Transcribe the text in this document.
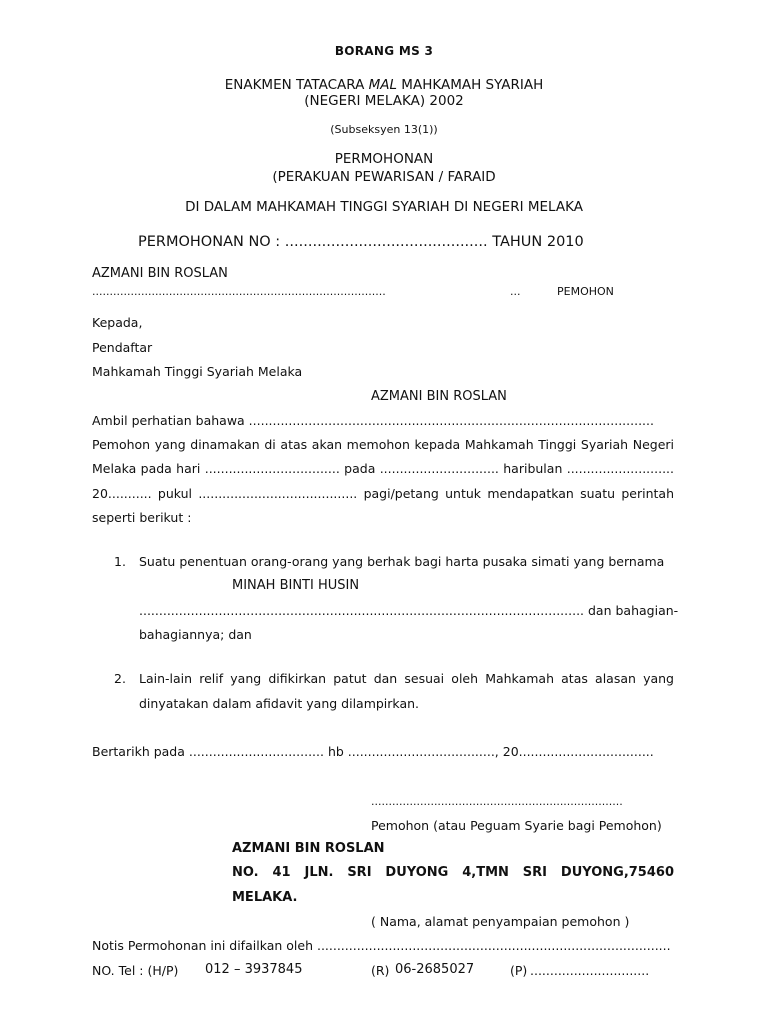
BORANG MS 3
ENAKMEN TATACARA MAL MAHKAMAH SYARIAH
(NEGERI MELAKA) 2002
(Subseksyen 13(1))
PERMOHONAN
(PERAKUAN PEWARISAN / FARAID
DI DALAM MAHKAMAH TINGGI SYARIAH DI NEGERI MELAKA
PERMOHONAN NO : ............................................ TAHUN 2010
AZMANI BIN ROSLAN
....................................................................................	...	PEMOHON
Kepada,
Pendaftar
Mahkamah Tinggi Syariah Melaka
AZMANI BIN ROSLAN
Ambil perhatian bahawa ......................................................................................................
Pemohon yang dinamakan di atas akan memohon kepada Mahkamah Tinggi Syariah Negeri
Melaka pada hari .................................. pada .............................. haribulan ...........................
20........... pukul ........................................ pagi/petang untuk mendapatkan suatu perintah
seperti berikut :
1. Suatu penentuan orang-orang yang berhak bagi harta pusaka simati yang bernama
MINAH BINTI HUSIN
................................................................................................................ dan bahagian-
bahagiannya; dan
2. Lain-lain relif yang difikirkan patut dan sesuai oleh Mahkamah atas alasan yang
dinyatakan dalam afidavit yang dilampirkan.
Bertarikh pada .................................. hb ....................................., 20..................................
........................................................................
Pemohon (atau Peguam Syarie bagi Pemohon)
AZMANI BIN ROSLAN
NO. 41 JLN. SRI DUYONG 4,TMN SRI DUYONG,75460
MELAKA.
( Nama, alamat penyampaian pemohon )
Notis Permohonan ini difailkan oleh .........................................................................................
NO. Tel : (H/P) 012 – 3937845	(R) 06-2685027	(P) ..............................
